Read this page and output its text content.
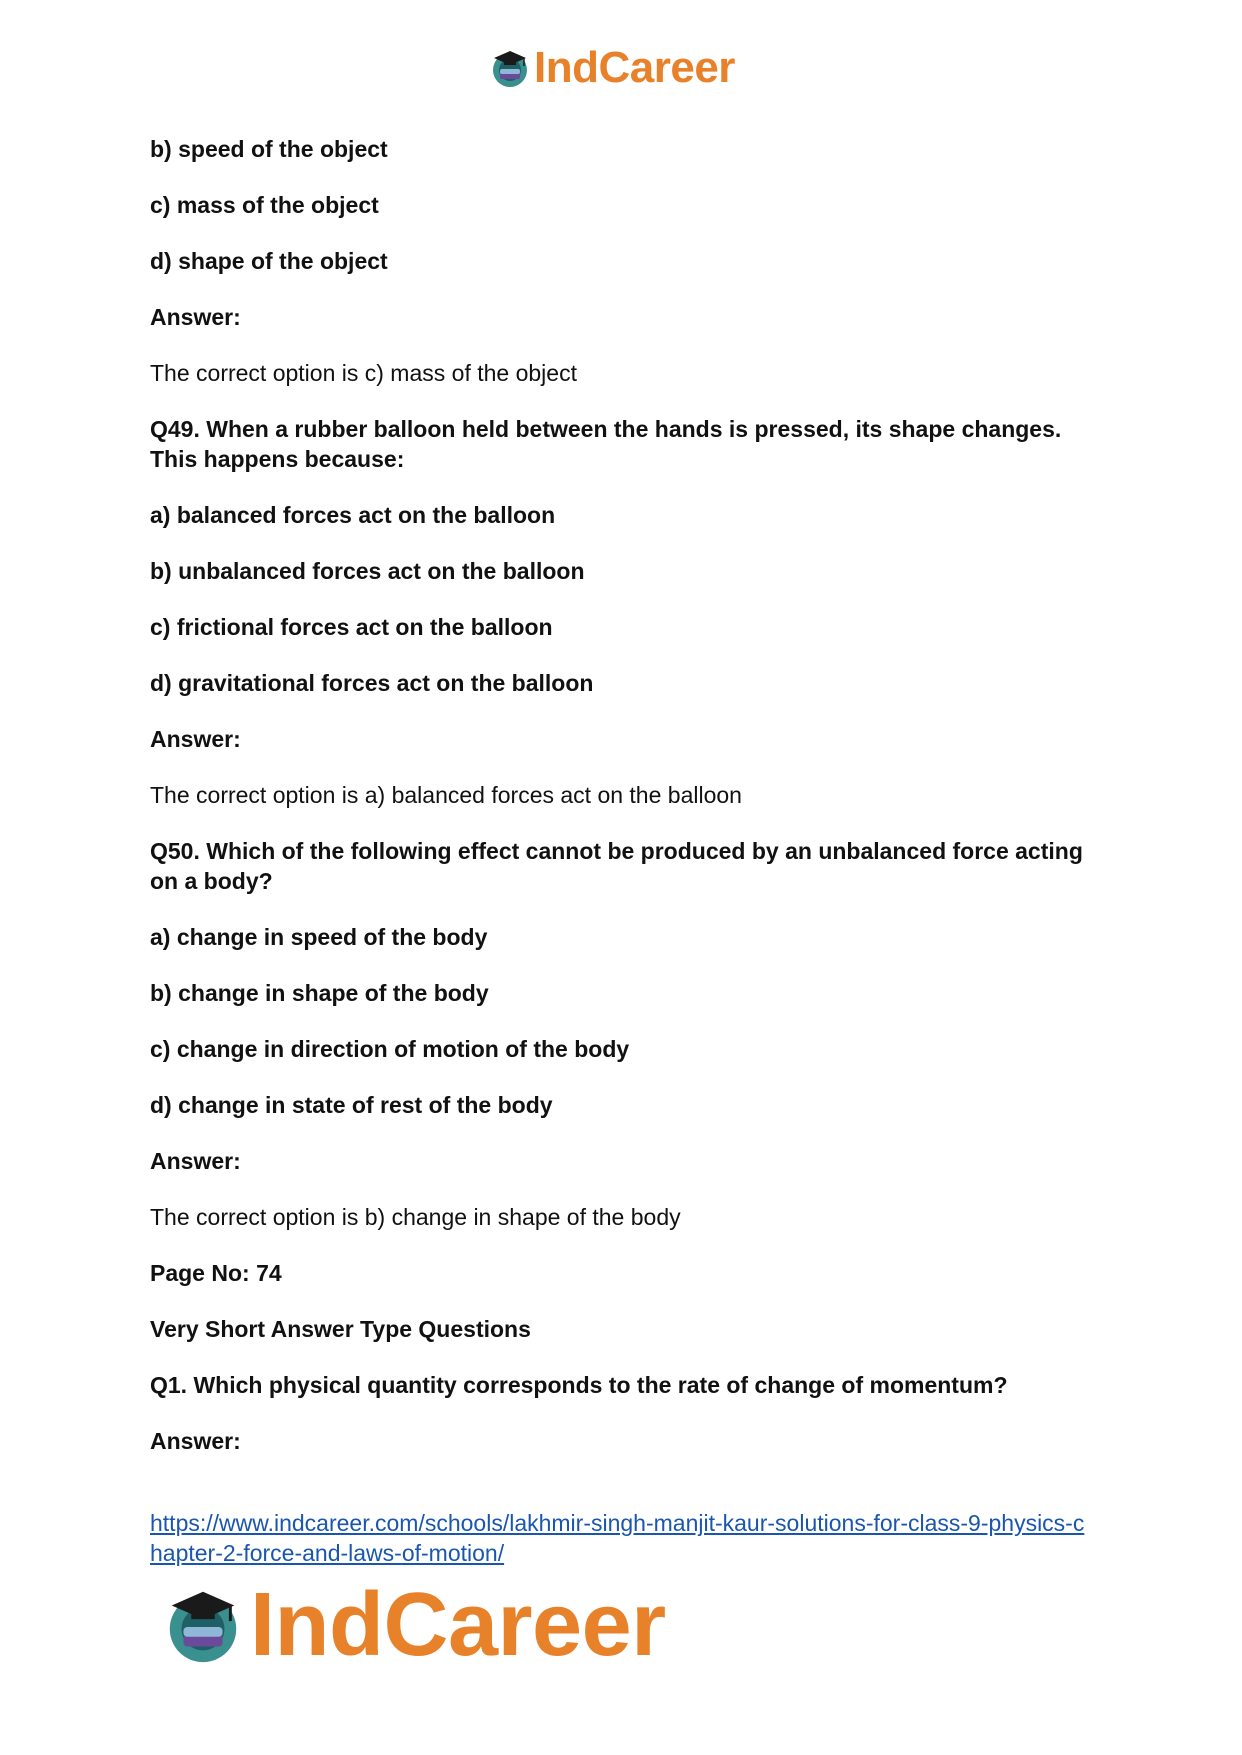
IndCareer
b) speed of the object
c) mass of the object
d) shape of the object
Answer:
The correct option is c) mass of the object
Q49. When a rubber balloon held between the hands is pressed, its shape changes.
This happens because:
a) balanced forces act on the balloon
b) unbalanced forces act on the balloon
c) frictional forces act on the balloon
d) gravitational forces act on the balloon
Answer:
The correct option is a) balanced forces act on the balloon
Q50. Which of the following effect cannot be produced by an unbalanced force acting
on a body?
a) change in speed of the body
b) change in shape of the body
c) change in direction of motion of the body
d) change in state of rest of the body
Answer:
The correct option is b) change in shape of the body
Page No: 74
Very Short Answer Type Questions
Q1. Which physical quantity corresponds to the rate of change of momentum?
Answer:
https://www.indcareer.com/schools/lakhmir-singh-manjit-kaur-solutions-for-class-9-physics-c
hapter-2-force-and-laws-of-motion/
IndCareer
